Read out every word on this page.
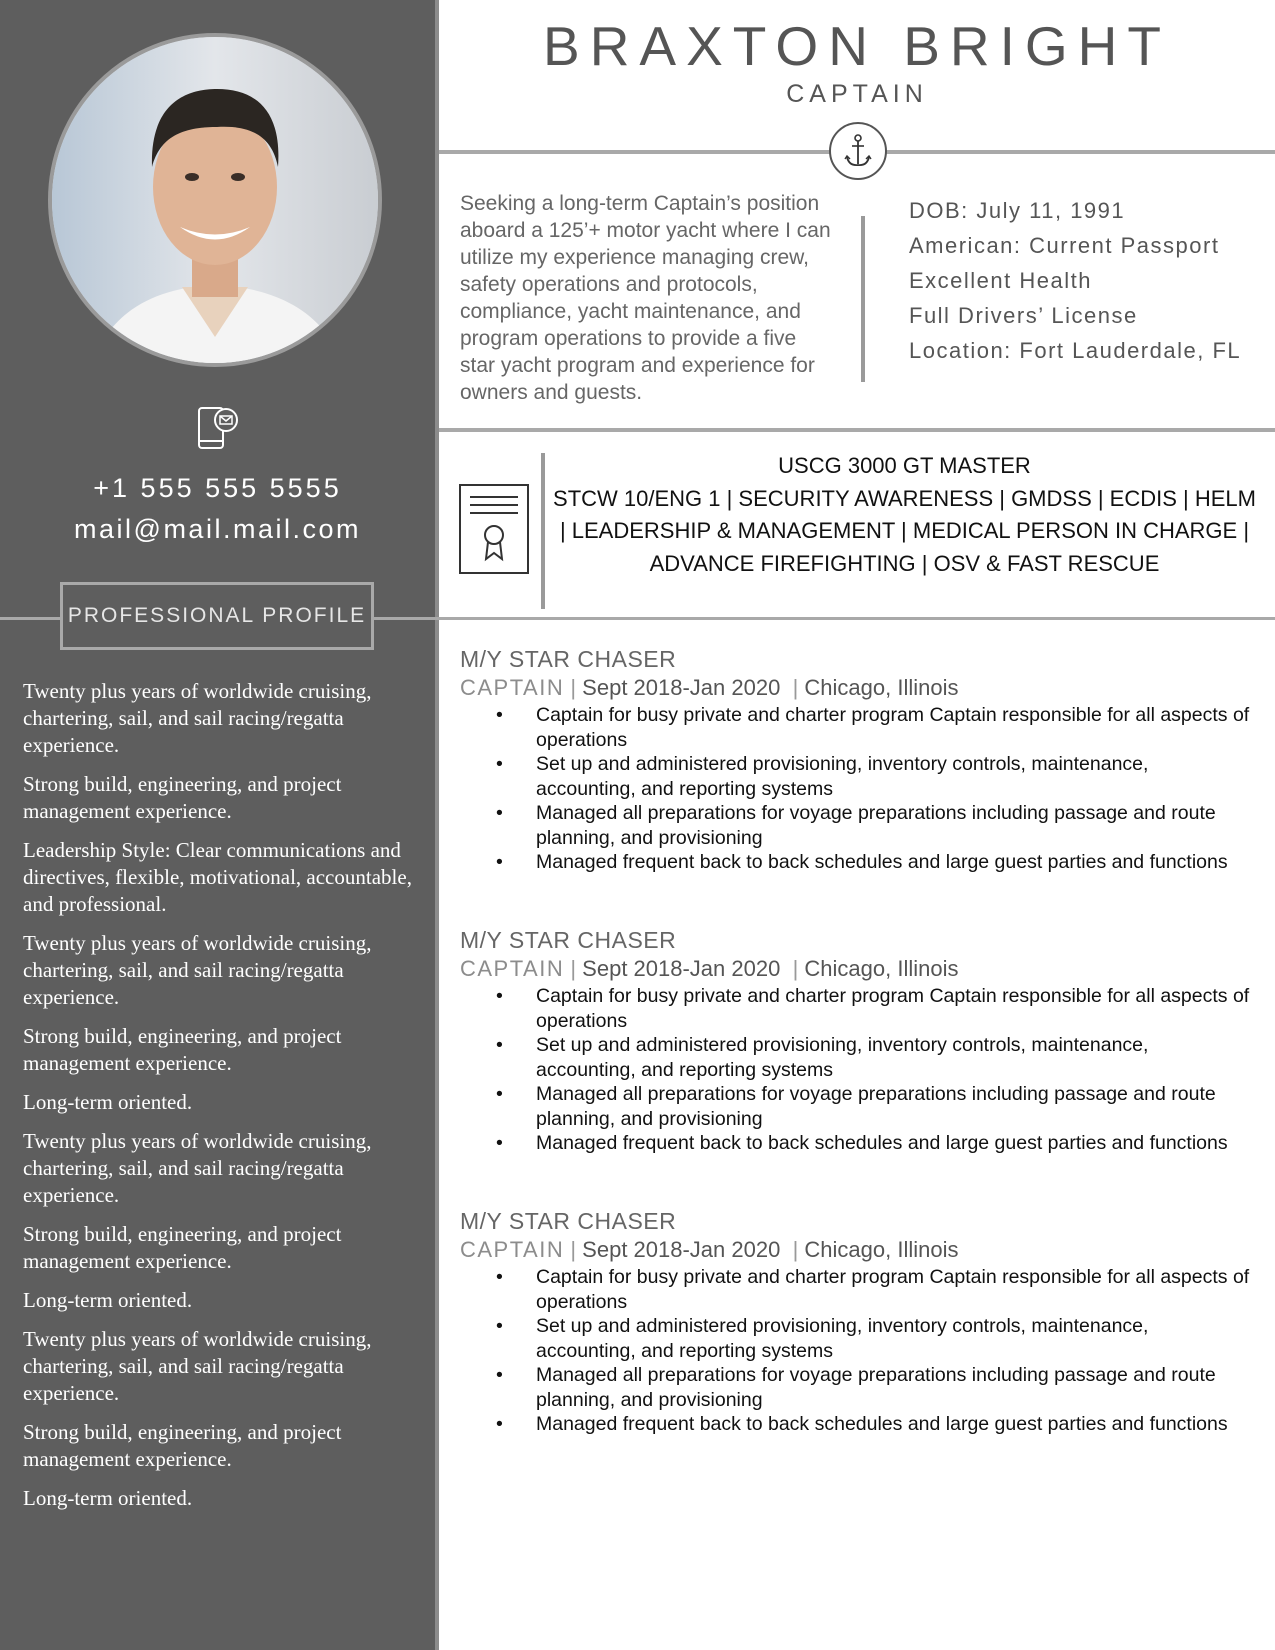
+1 555 555 5555
mail@mail.mail.com
PROFESSIONAL PROFILE

Twenty plus years of worldwide cruising, chartering, sail, and sail racing/regatta experience.

Strong build, engineering, and project management experience.

Leadership Style: Clear communications and directives, flexible, motivational, accountable, and professional.

Twenty plus years of worldwide cruising, chartering, sail, and sail racing/regatta experience.

Strong build, engineering, and project management experience.

Long-term oriented.

Twenty plus years of worldwide cruising, chartering, sail, and sail racing/regatta experience.

Strong build, engineering, and project management experience.

Long-term oriented.

Twenty plus years of worldwide cruising, chartering, sail, and sail racing/regatta experience.

Strong build, engineering, and project management experience.

Long-term oriented.

BRAXTON BRIGHT
CAPTAIN
Seeking a long-term Captain’s position aboard a 125’+ motor yacht where I can utilize my experience managing crew, safety operations and protocols, compliance, yacht maintenance, and program operations to provide a five star yacht program and experience for owners and guests.
DOB: July 11, 1991
American: Current Passport
Excellent Health
Full Drivers’ License
Location: Fort Lauderdale, FL
USCG 3000 GT MASTER
STCW 10/ENG 1 | SECURITY AWARENESS | GMDSS | ECDIS | HELM
| LEADERSHIP & MANAGEMENT | MEDICAL PERSON IN CHARGE |
ADVANCE FIREFIGHTING | OSV & FAST RESCUE
M/Y STAR CHASER
CAPTAIN | Sept 2018-Jan 2020  | Chicago, Illinois
• Captain for busy private and charter program Captain responsible for all aspects of operations
• Set up and administered provisioning, inventory controls, maintenance, accounting, and reporting systems
• Managed all preparations for voyage preparations including passage and route planning, and provisioning
• Managed frequent back to back schedules and large guest parties and functions
M/Y STAR CHASER
CAPTAIN | Sept 2018-Jan 2020  | Chicago, Illinois
• Captain for busy private and charter program Captain responsible for all aspects of operations
• Set up and administered provisioning, inventory controls, maintenance, accounting, and reporting systems
• Managed all preparations for voyage preparations including passage and route planning, and provisioning
• Managed frequent back to back schedules and large guest parties and functions
M/Y STAR CHASER
CAPTAIN | Sept 2018-Jan 2020  | Chicago, Illinois
• Captain for busy private and charter program Captain responsible for all aspects of operations
• Set up and administered provisioning, inventory controls, maintenance, accounting, and reporting systems
• Managed all preparations for voyage preparations including passage and route planning, and provisioning
• Managed frequent back to back schedules and large guest parties and functions
